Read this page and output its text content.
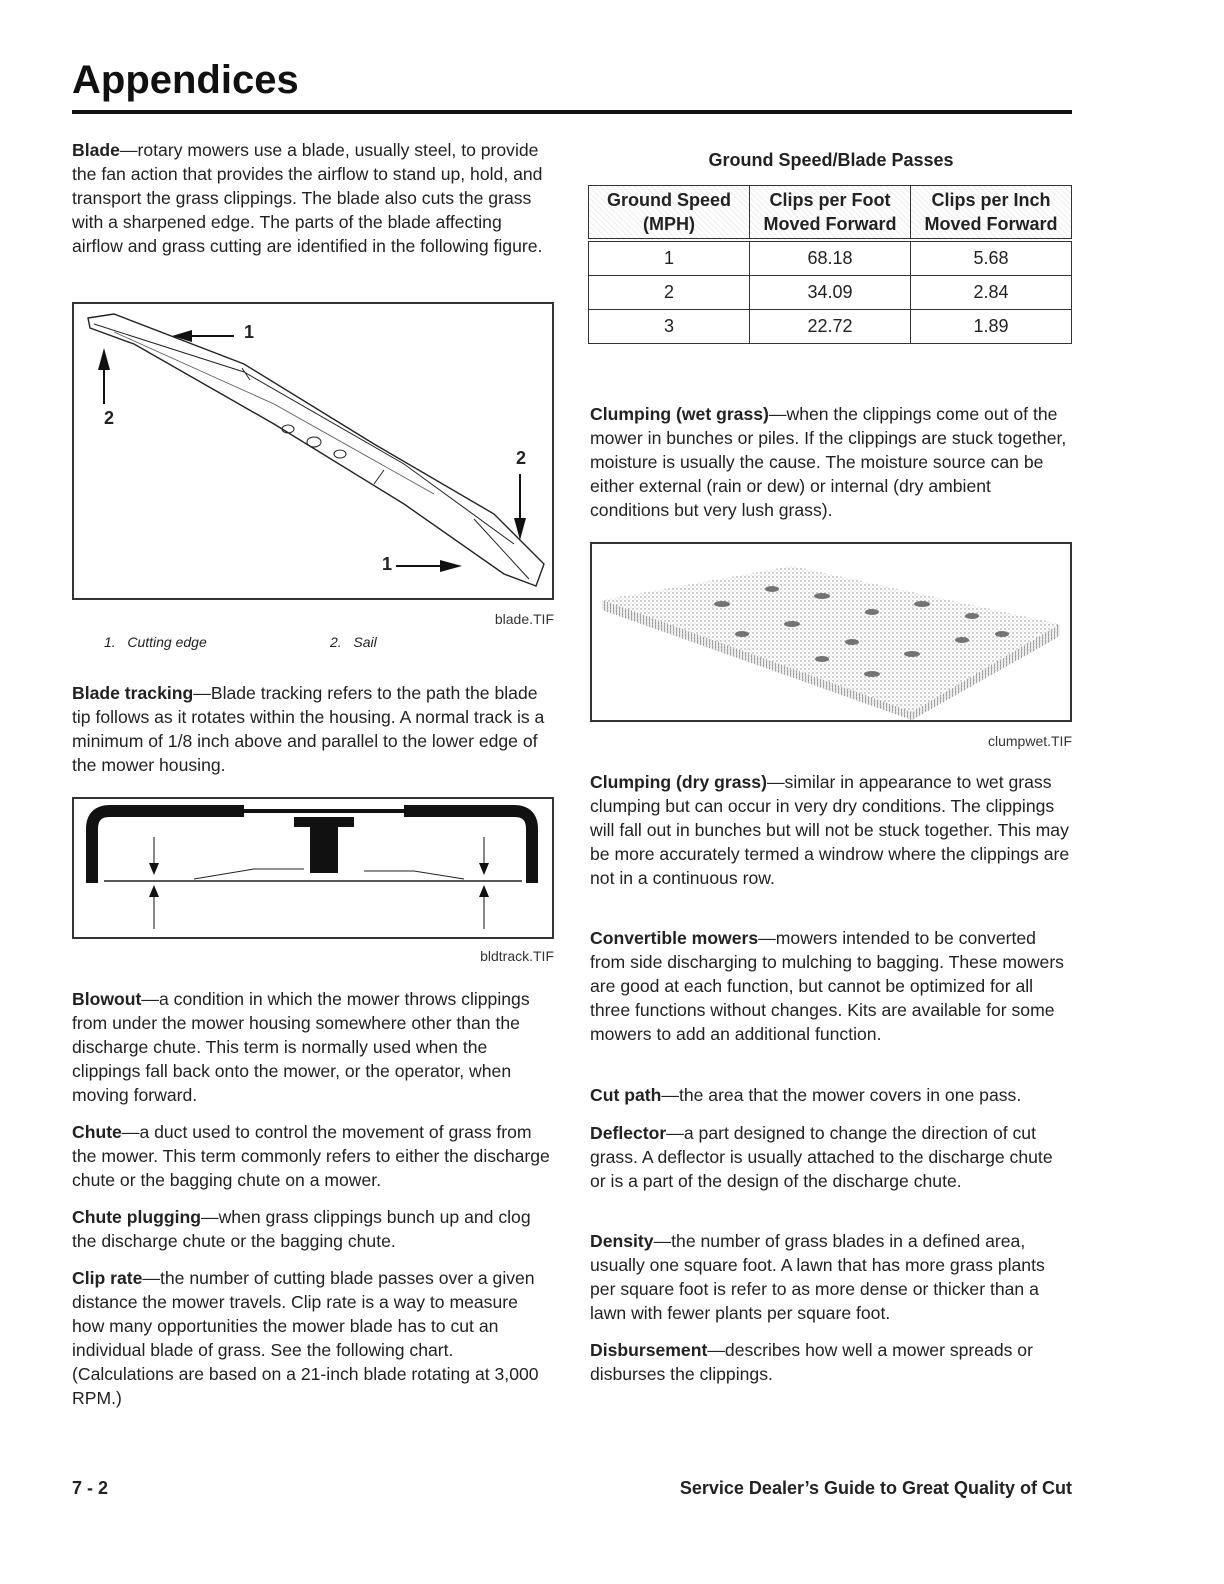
Appendices

Blade—rotary mowers use a blade, usually steel, to provide the fan action that provides the airflow to stand up, hold, and transport the grass clippings. The blade also cuts the grass with a sharpened edge. The parts of the blade affecting airflow and grass cutting are identified in the following figure.

1
2
2
1
blade.TIF
1. Cutting edge	2. Sail

Blade tracking—Blade tracking refers to the path the blade tip follows as it rotates within the housing. A normal track is a minimum of 1/8 inch above and parallel to the lower edge of the mower housing.

bldtrack.TIF

Blowout—a condition in which the mower throws clippings from under the mower housing somewhere other than the discharge chute. This term is normally used when the clippings fall back onto the mower, or the operator, when moving forward.

Chute—a duct used to control the movement of grass from the mower. This term commonly refers to either the discharge chute or the bagging chute on a mower.

Chute plugging—when grass clippings bunch up and clog the discharge chute or the bagging chute.

Clip rate—the number of cutting blade passes over a given distance the mower travels. Clip rate is a way to measure how many opportunities the mower blade has to cut an individual blade of grass. See the following chart. (Calculations are based on a 21-inch blade rotating at 3,000 RPM.)

Ground Speed/Blade Passes
Ground Speed (MPH)	Clips per Foot Moved Forward	Clips per Inch Moved Forward
1	68.18	5.68
2	34.09	2.84
3	22.72	1.89

Clumping (wet grass)—when the clippings come out of the mower in bunches or piles. If the clippings are stuck together, moisture is usually the cause. The moisture source can be either external (rain or dew) or internal (dry ambient conditions but very lush grass).

clumpwet.TIF

Clumping (dry grass)—similar in appearance to wet grass clumping but can occur in very dry conditions. The clippings will fall out in bunches but will not be stuck together. This may be more accurately termed a windrow where the clippings are not in a continuous row.

Convertible mowers—mowers intended to be converted from side discharging to mulching to bagging. These mowers are good at each function, but cannot be optimized for all three functions without changes. Kits are available for some mowers to add an additional function.

Cut path—the area that the mower covers in one pass.

Deflector—a part designed to change the direction of cut grass. A deflector is usually attached to the discharge chute or is a part of the design of the discharge chute.

Density—the number of grass blades in a defined area, usually one square foot. A lawn that has more grass plants per square foot is refer to as more dense or thicker than a lawn with fewer plants per square foot.

Disbursement—describes how well a mower spreads or disburses the clippings.

7 - 2	Service Dealer’s Guide to Great Quality of Cut
